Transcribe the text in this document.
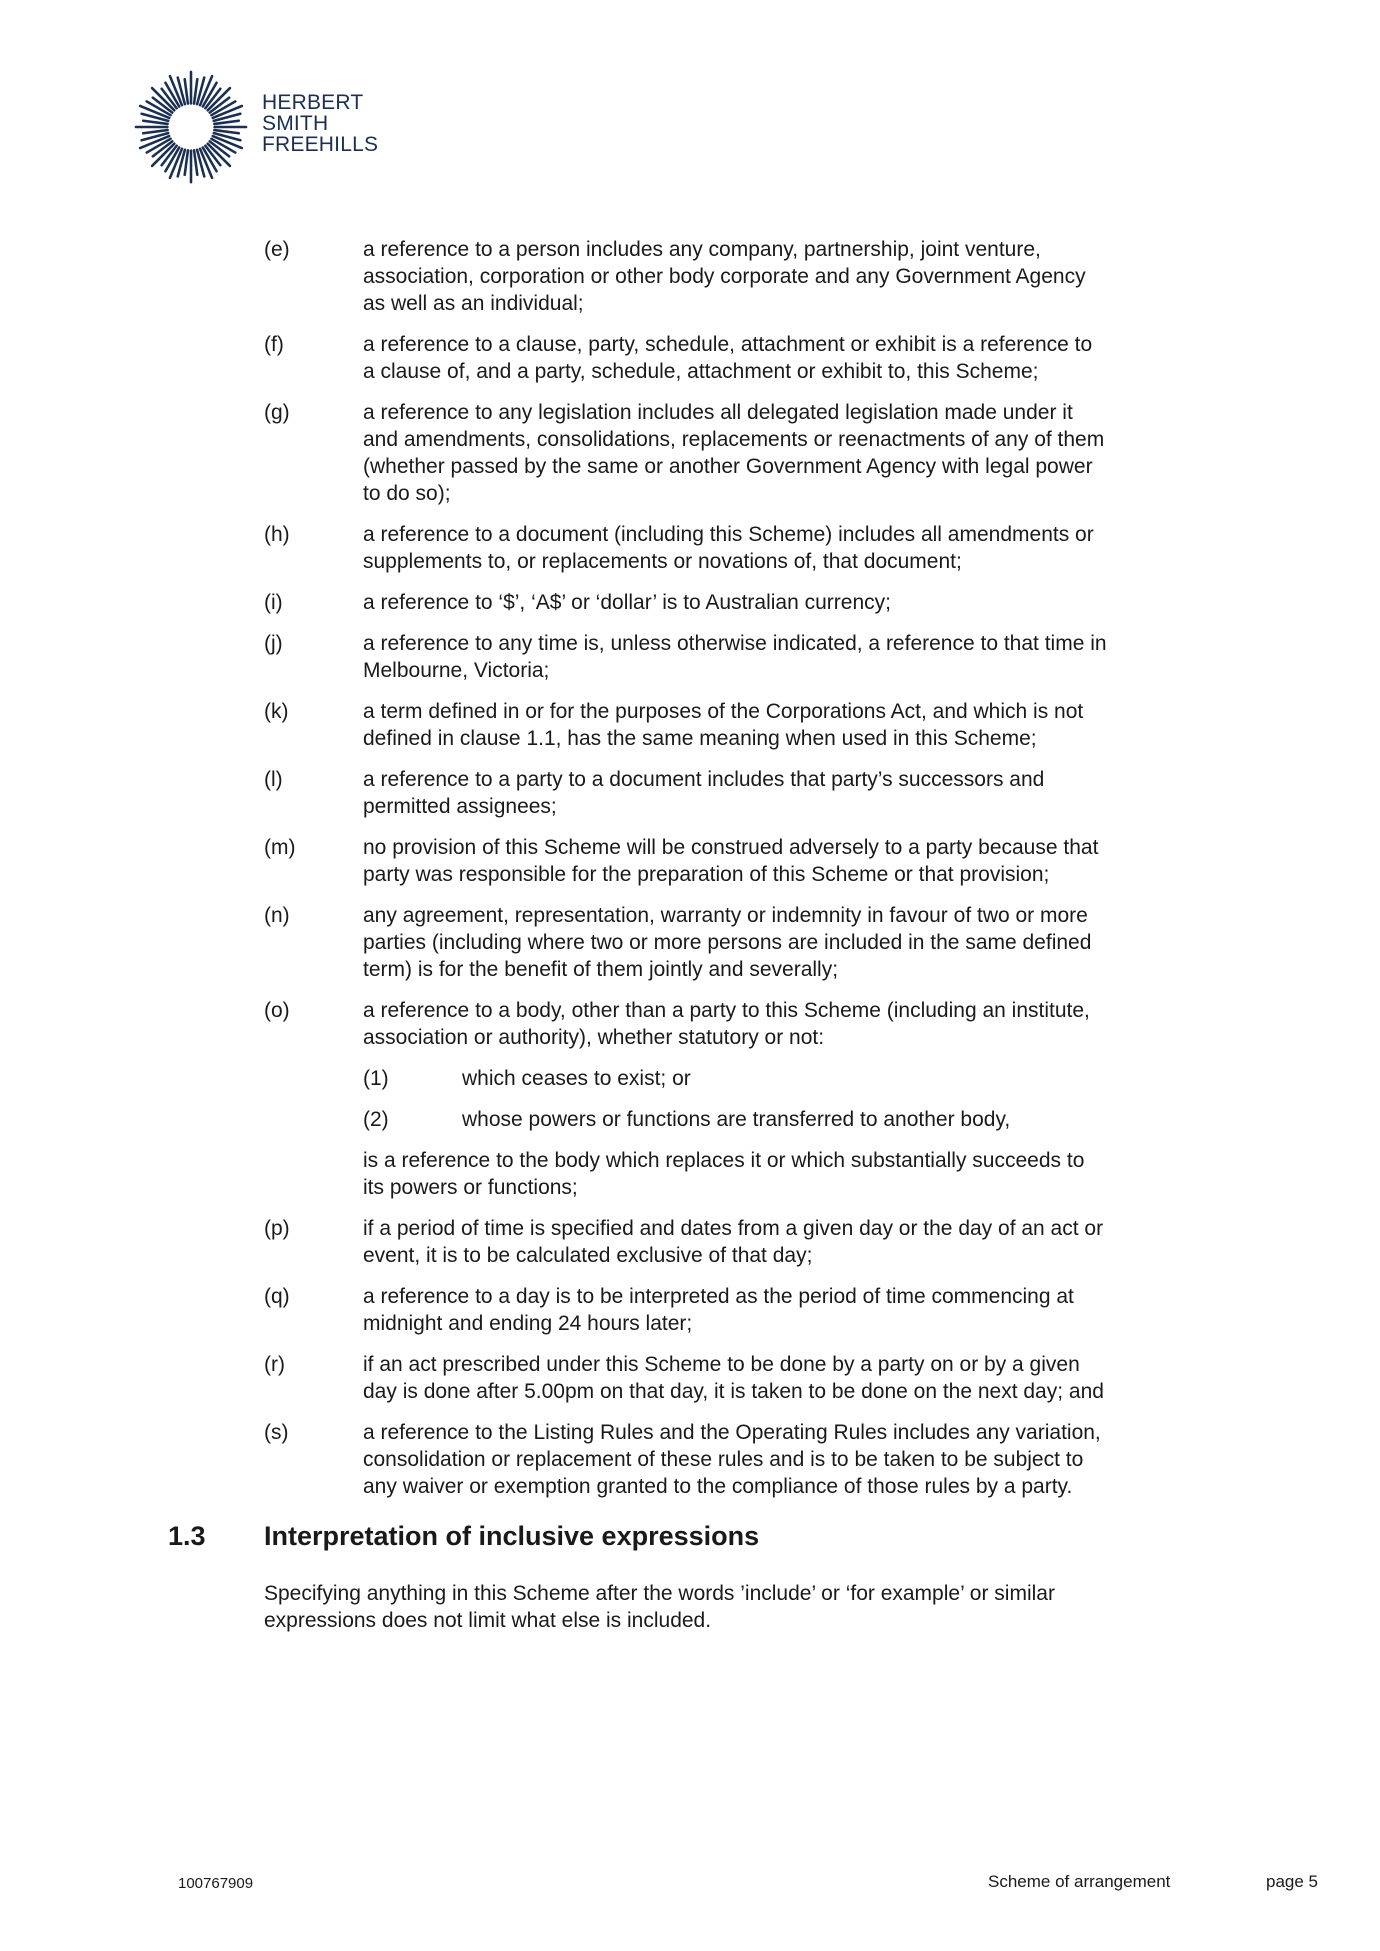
HERBERT
SMITH
FREEHILLS
(e)	a reference to a person includes any company, partnership, joint venture,
association, corporation or other body corporate and any Government Agency
as well as an individual;
(f)	a reference to a clause, party, schedule, attachment or exhibit is a reference to
a clause of, and a party, schedule, attachment or exhibit to, this Scheme;
(g)	a reference to any legislation includes all delegated legislation made under it
and amendments, consolidations, replacements or reenactments of any of them
(whether passed by the same or another Government Agency with legal power
to do so);
(h)	a reference to a document (including this Scheme) includes all amendments or
supplements to, or replacements or novations of, that document;
(i)	a reference to ‘$’, ‘A$’ or ‘dollar’ is to Australian currency;
(j)	a reference to any time is, unless otherwise indicated, a reference to that time in
Melbourne, Victoria;
(k)	a term defined in or for the purposes of the Corporations Act, and which is not
defined in clause 1.1, has the same meaning when used in this Scheme;
(l)	a reference to a party to a document includes that party’s successors and
permitted assignees;
(m)	no provision of this Scheme will be construed adversely to a party because that
party was responsible for the preparation of this Scheme or that provision;
(n)	any agreement, representation, warranty or indemnity in favour of two or more
parties (including where two or more persons are included in the same defined
term) is for the benefit of them jointly and severally;
(o)	a reference to a body, other than a party to this Scheme (including an institute,
association or authority), whether statutory or not:
(1)	which ceases to exist; or
(2)	whose powers or functions are transferred to another body,
is a reference to the body which replaces it or which substantially succeeds to
its powers or functions;
(p)	if a period of time is specified and dates from a given day or the day of an act or
event, it is to be calculated exclusive of that day;
(q)	a reference to a day is to be interpreted as the period of time commencing at
midnight and ending 24 hours later;
(r)	if an act prescribed under this Scheme to be done by a party on or by a given
day is done after 5.00pm on that day, it is taken to be done on the next day; and
(s)	a reference to the Listing Rules and the Operating Rules includes any variation,
consolidation or replacement of these rules and is to be taken to be subject to
any waiver or exemption granted to the compliance of those rules by a party.
1.3 Interpretation of inclusive expressions
Specifying anything in this Scheme after the words ’include’ or ‘for example’ or similar
expressions does not limit what else is included.
100767909	Scheme of arrangement	page 5
